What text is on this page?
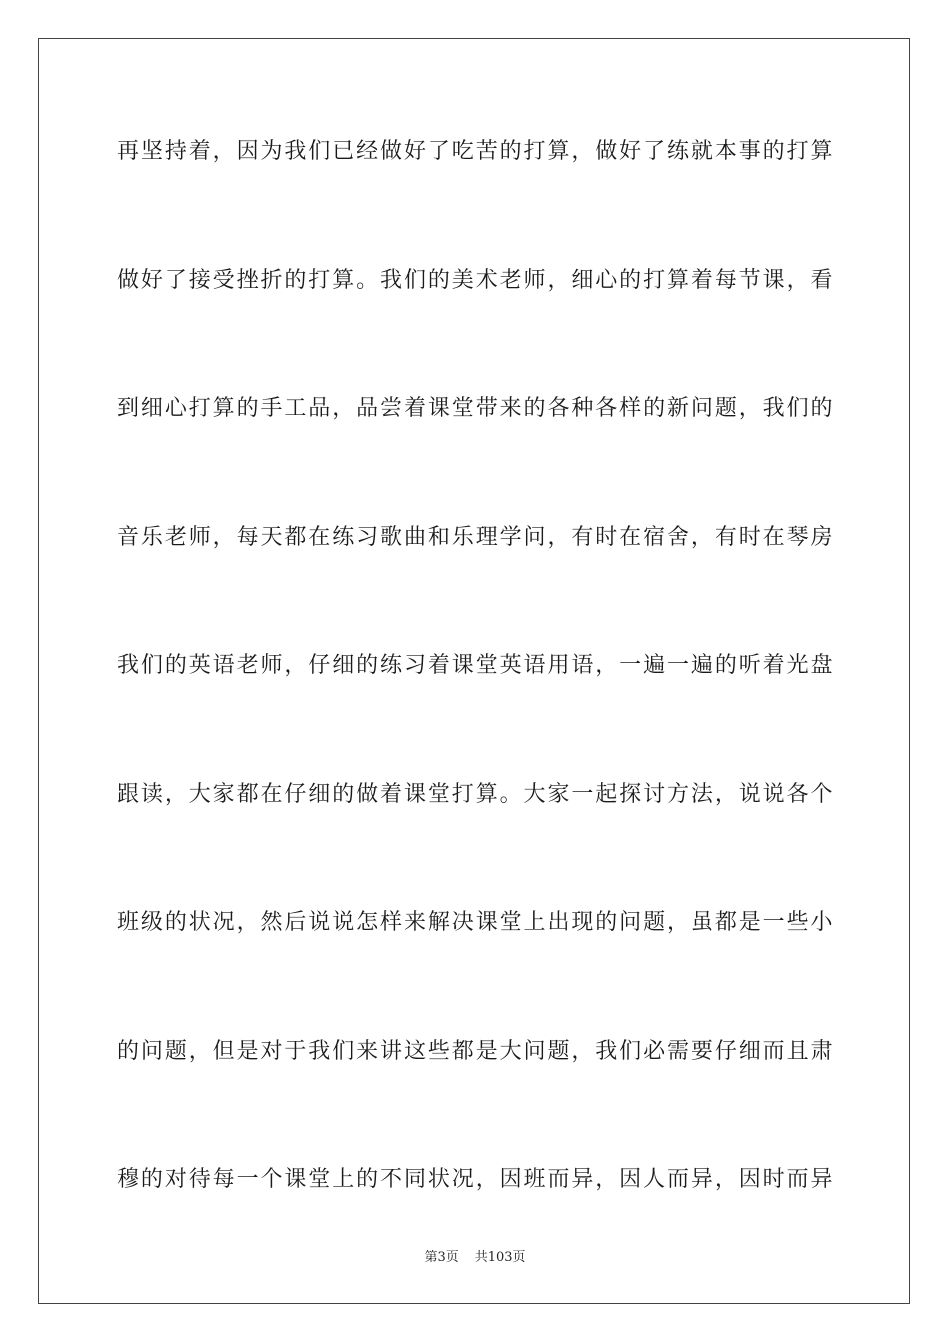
再坚持着，因为我们已经做好了吃苦的打算，做好了练就本事的打算

做好了接受挫折的打算。我们的美术老师，细心的打算着每节课，看

到细心打算的手工品，品尝着课堂带来的各种各样的新问题，我们的

音乐老师，每天都在练习歌曲和乐理学问，有时在宿舍，有时在琴房

我们的英语老师，仔细的练习着课堂英语用语，一遍一遍的听着光盘

跟读，大家都在仔细的做着课堂打算。大家一起探讨方法，说说各个

班级的状况，然后说说怎样来解决课堂上出现的问题，虽都是一些小

的问题，但是对于我们来讲这些都是大问题，我们必需要仔细而且肃

穆的对待每一个课堂上的不同状况，因班而异，因人而异，因时而异

第3页 共103页
